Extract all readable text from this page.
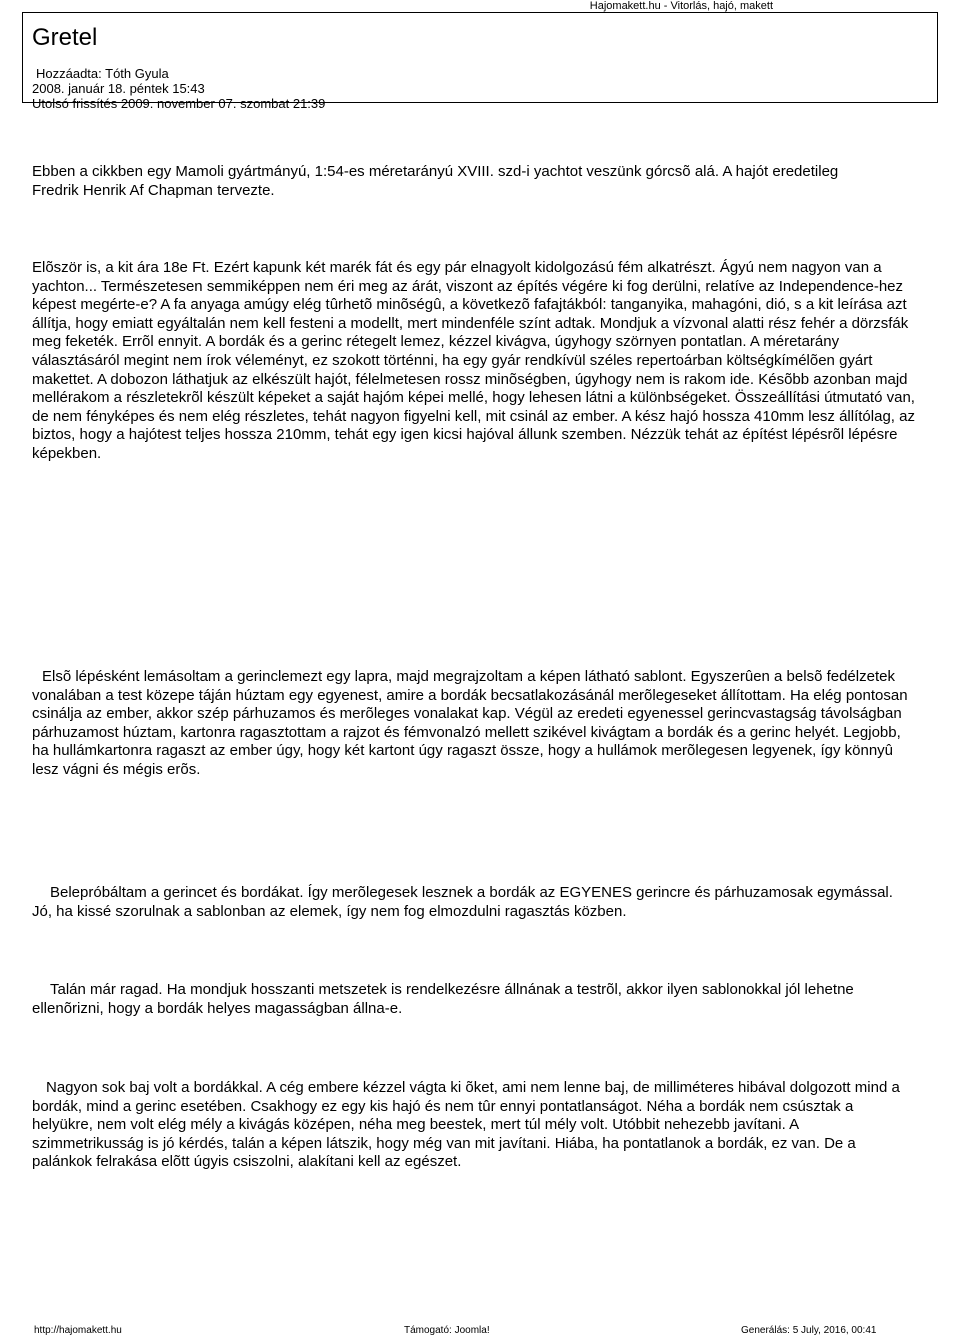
Hajomakett.hu - Vitorlás, hajó, makett
Gretel
Hozzáadta: Tóth Gyula
2008. január 18. péntek 15:43
Utolsó frissítés 2009. november 07. szombat 21:39

Ebben a cikkben egy Mamoli gyártmányú, 1:54-es méretarányú XVIII. szd-i yachtot veszünk górcsõ alá. A hajót eredetileg Fredrik Henrik Af Chapman tervezte.

Elõször is, a kit ára 18e Ft. Ezért kapunk két marék fát és egy pár elnagyolt kidolgozású fém alkatrészt. Ágyú nem nagyon van a yachton... Természetesen semmiképpen nem éri meg az árát, viszont az építés végére ki fog derülni, relatíve az Independence-hez képest megérte-e? A fa anyaga amúgy elég tûrhetõ minõségû, a következõ fafajtákból: tanganyika, mahagóni, dió, s a kit leírása azt állítja, hogy emiatt egyáltalán nem kell festeni a modellt, mert mindenféle színt adtak. Mondjuk a vízvonal alatti rész fehér a dörzsfák meg feketék. Errõl ennyit. A bordák és a gerinc rétegelt lemez, kézzel kivágva, úgyhogy szörnyen pontatlan. A méretarány választásáról megint nem írok véleményt, ez szokott történni, ha egy gyár rendkívül széles repertoárban költségkímélõen gyárt makettet. A dobozon láthatjuk az elkészült hajót, félelmetesen rossz minõségben, úgyhogy nem is rakom ide. Késõbb azonban majd mellérakom a részletekrõl készült képeket a saját hajóm képei mellé, hogy lehesen látni a különbségeket. Összeállítási útmutató van, de nem fényképes és nem elég részletes, tehát nagyon figyelni kell, mit csinál az ember. A kész hajó hossza 410mm lesz állítólag, az biztos, hogy a hajótest teljes hossza 210mm, tehát egy igen kicsi hajóval állunk szemben. Nézzük tehát az építést lépésrõl lépésre képekben.

Elsõ lépésként lemásoltam a gerinclemezt egy lapra, majd megrajzoltam a képen látható sablont. Egyszerûen a belsõ fedélzetek vonalában a test közepe táján húztam egy egyenest, amire a bordák becsatlakozásánál merõlegeseket állítottam. Ha elég pontosan csinálja az ember, akkor szép párhuzamos és merõleges vonalakat kap. Végül az eredeti egyenessel gerincvastagság távolságban párhuzamost húztam, kartonra ragasztottam a rajzot és fémvonalzó mellett szikével kivágtam a bordák és a gerinc helyét. Legjobb, ha hullámkartonra ragaszt az ember úgy, hogy két kartont úgy ragaszt össze, hogy a hullámok merõlegesen legyenek, így könnyû lesz vágni és mégis erõs.

Belepróbáltam a gerincet és bordákat. Így merõlegesek lesznek a bordák az EGYENES gerincre és párhuzamosak egymással. Jó, ha kissé szorulnak a sablonban az elemek, így nem fog elmozdulni ragasztás közben.

Talán már ragad. Ha mondjuk hosszanti metszetek is rendelkezésre állnának a testrõl, akkor ilyen sablonokkal jól lehetne ellenõrizni, hogy a bordák helyes magasságban állna-e.

Nagyon sok baj volt a bordákkal. A cég embere kézzel vágta ki õket, ami nem lenne baj, de milliméteres hibával dolgozott mind a bordák, mind a gerinc esetében. Csakhogy ez egy kis hajó és nem tûr ennyi pontatlanságot. Néha a bordák nem csúsztak a helyükre, nem volt elég mély a kivágás középen, néha meg beestek, mert túl mély volt. Utóbbit nehezebb javítani. A szimmetrikusság is jó kérdés, talán a képen látszik, hogy még van mit javítani. Hiába, ha pontatlanok a bordák, ez van. De a palánkok felrakása elõtt úgyis csiszolni, alakítani kell az egészet.

http://hajomakett.hu	Támogató: Joomla!	Generálás: 5 July, 2016, 00:41
